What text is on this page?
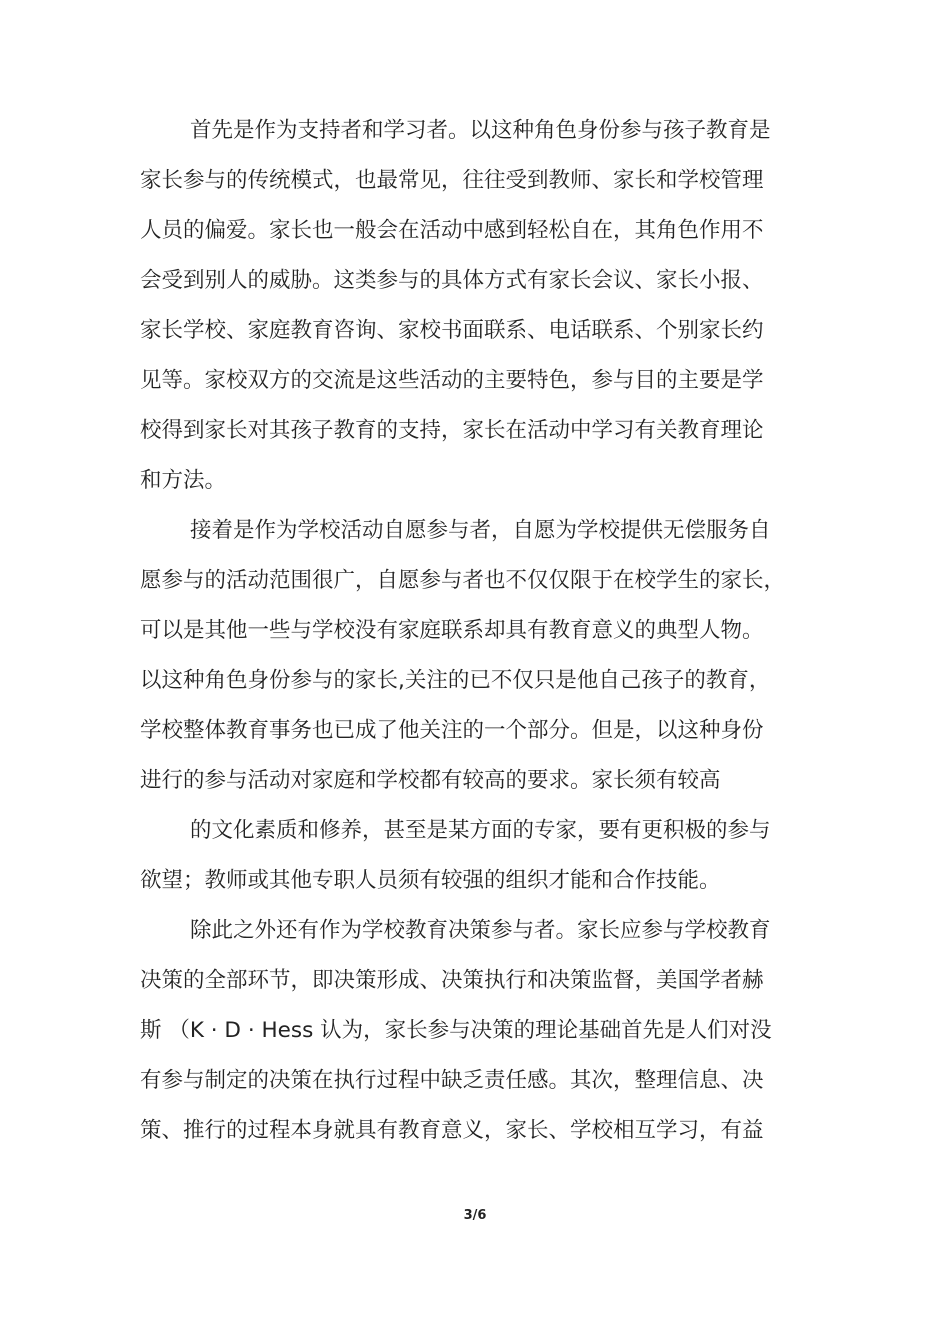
首先是作为支持者和学习者。以这种角色身份参与孩子教育是
家长参与的传统模式，也最常见，往往受到教师、家长和学校管理
人员的偏爱。家长也一般会在活动中感到轻松自在，其角色作用不
会受到别人的威胁。这类参与的具体方式有家长会议、家长小报、
家长学校、家庭教育咨询、家校书面联系、电话联系、个别家长约
见等。家校双方的交流是这些活动的主要特色，参与目的主要是学
校得到家长对其孩子教育的支持，家长在活动中学习有关教育理论
和方法。
接着是作为学校活动自愿参与者，自愿为学校提供无偿服务自
愿参与的活动范围很广，自愿参与者也不仅仅限于在校学生的家长，
可以是其他一些与学校没有家庭联系却具有教育意义的典型人物。
以这种角色身份参与的家长,关注的已不仅只是他自己孩子的教育，
学校整体教育事务也已成了他关注的一个部分。但是，以这种身份
进行的参与活动对家庭和学校都有较高的要求。家长须有较高
的文化素质和修养，甚至是某方面的专家，要有更积极的参与
欲望；教师或其他专职人员须有较强的组织才能和合作技能。
除此之外还有作为学校教育决策参与者。家长应参与学校教育
决策的全部环节，即决策形成、决策执行和决策监督，美国学者赫
斯 （K · D · Hess 认为，家长参与决策的理论基础首先是人们对没
有参与制定的决策在执行过程中缺乏责任感。其次，整理信息、决
策、推行的过程本身就具有教育意义，家长、学校相互学习，有益
3/6
